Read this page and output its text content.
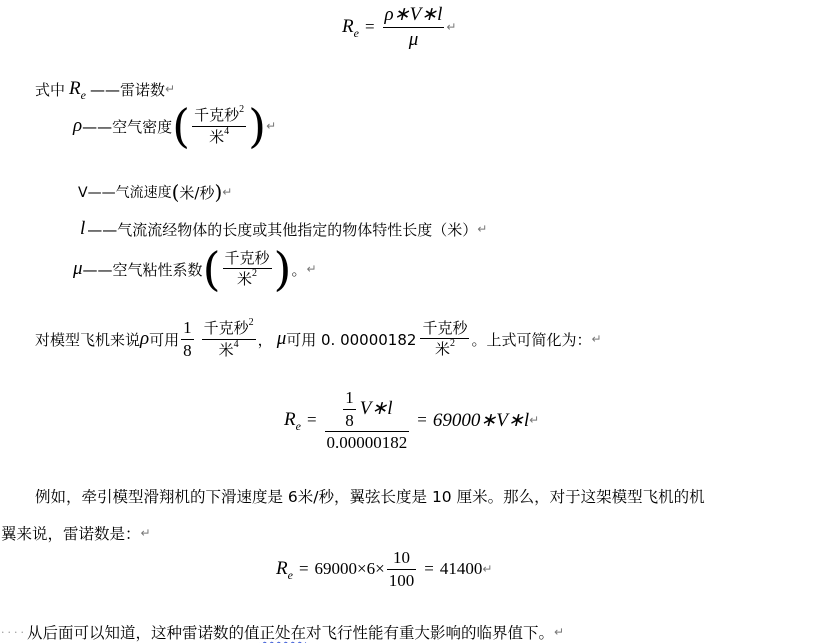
R $e = \frac{\rho∗V∗l}{\mu}$ ↵
式中 R e ——雷诺数 ↵
ρ ——空气密度 ( $\frac{千克秒^2}{米^4}$ ) ↵
V——气流速度 ( 米/秒 ) ↵
l ——气流流经物体的长度或其他指定的物体特性长度（米） ↵
μ ——空气粘性系数 ( $\frac{\text{千克秒}}{米^2}$ ) 。 ↵
对模型飞机来说 ρ 可用 $\frac{1}{8} \frac{千克秒^2}{米^4}$ ， μ 可用 0. $00000182 \frac{\text{千克秒}}{米^2}$ 。上式可简化为： ↵
R $e = \frac{\frac{1}{8} V∗l}{0.00000182}$ = 69000∗V∗l ↵
例如，牵引模型滑翔机的下滑速度是 6米/秒，翼弦长度是 10 厘米。那么，对于这架模型飞机的机
翼来说，雷诺数是： ↵
R $e = 69000\times 6\times \frac{10}{100} = 41400$ ↵
···· 从后面可以知道，这种雷诺数的值 正处在 对飞行性能有重大影响的临界值下。 ↵
